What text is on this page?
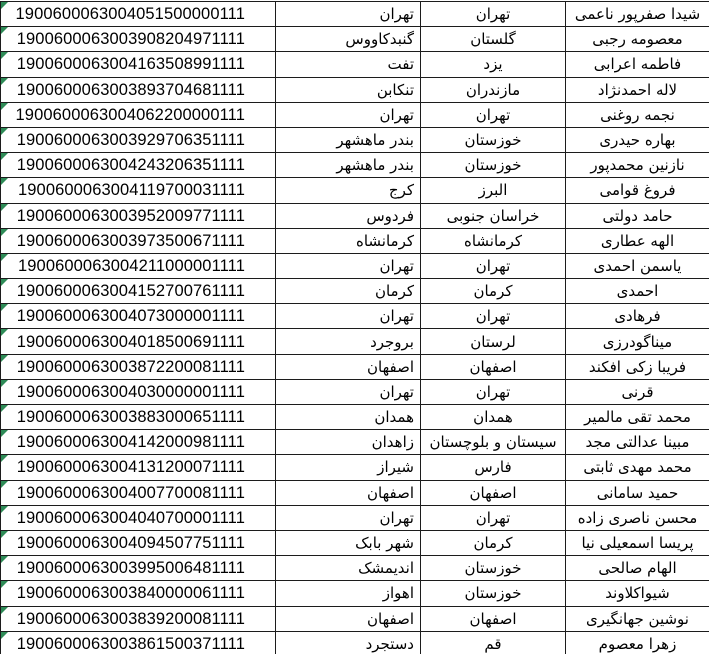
1900600063004051500000111	تهران	تهران	شیدا صفرپور ناعمی
1900600063003908204971111	گنبدکاووس	گلستان	معصومه رجبی
1900600063004163508991111	تفت	یزد	فاطمه اعرابی
1900600063003893704681111	تنکابن	مازندران	لاله احمدنژاد
1900600063004062200000111	تهران	تهران	نجمه روغنی
1900600063003929706351111	بندر ماهشهر	خوزستان	بهاره حیدری
1900600063004243206351111	بندر ماهشهر	خوزستان	نازنین محمدپور
1900600063004119700031111	کرج	البرز	فروغ قوامی
1900600063003952009771111	فردوس	خراسان جنوبی	حامد دولتی
1900600063003973500671111	کرمانشاه	کرمانشاه	الهه عطاری
1900600063004211000001111	تهران	تهران	یاسمن احمدی
1900600063004152700761111	کرمان	کرمان	احمدی
1900600063004073000001111	تهران	تهران	فرهادی
1900600063004018500691111	بروجرد	لرستان	میناگودرزی
1900600063003872200081111	اصفهان	اصفهان	فریبا زکی افکند
1900600063004030000001111	تهران	تهران	قرنی
1900600063003883000651111	همدان	همدان	محمد تقی مالمیر
1900600063004142000981111	زاهدان	سیستان و بلوچستان	مبینا عدالتی مجد
1900600063004131200071111	شیراز	فارس	محمد مهدی ثابتی
1900600063004007700081111	اصفهان	اصفهان	حمید سامانی
1900600063004040700001111	تهران	تهران	محسن ناصری زاده
1900600063004094507751111	شهر بابک	کرمان	پریسا اسمعیلی نیا
1900600063003995006481111	اندیمشک	خوزستان	الهام صالحی
1900600063003840000061111	اهواز	خوزستان	شیواکلاوند
1900600063003839200081111	اصفهان	اصفهان	نوشین جهانگیری
1900600063003861500371111	دستجرد	قم	زهرا معصوم
